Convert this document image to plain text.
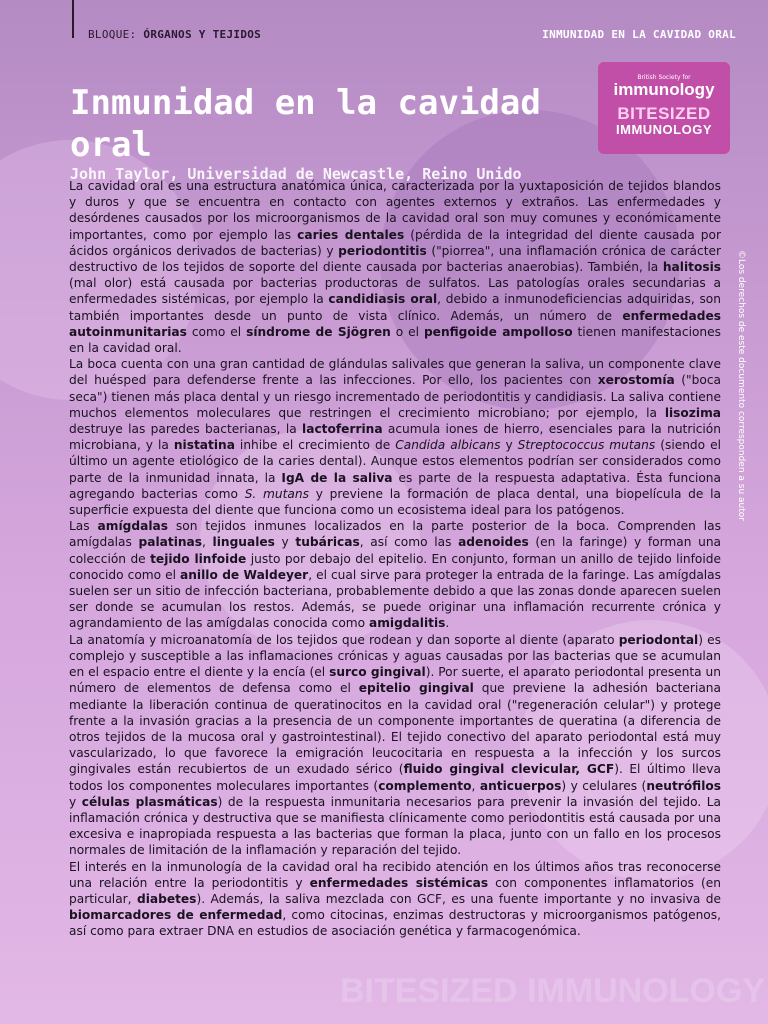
BLOQUE: ÓRGANOS Y TEJIDOS	INMUNIDAD EN LA CAVIDAD ORAL
British Society for
immunology
BITESIZED
IMMUNOLOGY
Inmunidad en la cavidad oral
John Taylor, Universidad de Newcastle, Reino Unido
©Los derechos de este documento corresponden a su autor

La cavidad oral es una estructura anatómica única, caracterizada por la yuxtaposición de tejidos blandos y duros y que se encuentra en contacto con agentes externos y extraños. Las enfermedades y desórdenes causados por los microorganismos de la cavidad oral son muy comunes y económicamente importantes, como por ejemplo las caries dentales (pérdida de la integridad del diente causada por ácidos orgánicos derivados de bacterias) y periodontitis ("piorrea", una inflamación crónica de carácter destructivo de los tejidos de soporte del diente causada por bacterias anaerobias). También, la halitosis (mal olor) está causada por bacterias productoras de sulfatos. Las patologías orales secundarias a enfermedades sistémicas, por ejemplo la candidiasis oral, debido a inmunodeficiencias adquiridas, son también importantes desde un punto de vista clínico. Además, un número de enfermedades autoinmunitarias como el síndrome de Sjögren o el penfigoide ampolloso tienen manifestaciones en la cavidad oral.

La boca cuenta con una gran cantidad de glándulas salivales que generan la saliva, un componente clave del huésped para defenderse frente a las infecciones. Por ello, los pacientes con xerostomía ("boca seca") tienen más placa dental y un riesgo incrementado de periodontitis y candidiasis. La saliva contiene muchos elementos moleculares que restringen el crecimiento microbiano; por ejemplo, la lisozima destruye las paredes bacterianas, la lactoferrina acumula iones de hierro, esenciales para la nutrición microbiana, y la nistatina inhibe el crecimiento de Candida albicans y Streptococcus mutans (siendo el último un agente etiológico de la caries dental). Aunque estos elementos podrían ser considerados como parte de la inmunidad innata, la IgA de la saliva es parte de la respuesta adaptativa. Ésta funciona agregando bacterias como S. mutans y previene la formación de placa dental, una biopelícula de la superficie expuesta del diente que funciona como un ecosistema ideal para los patógenos.

Las amígdalas son tejidos inmunes localizados en la parte posterior de la boca. Comprenden las amígdalas palatinas, linguales y tubáricas, así como las adenoides (en la faringe) y forman una colección de tejido linfoide justo por debajo del epitelio. En conjunto, forman un anillo de tejido linfoide conocido como el anillo de Waldeyer, el cual sirve para proteger la entrada de la faringe. Las amígdalas suelen ser un sitio de infección bacteriana, probablemente debido a que las zonas donde aparecen suelen ser donde se acumulan los restos. Además, se puede originar una inflamación recurrente crónica y agrandamiento de las amígdalas conocida como amigdalitis.

La anatomía y microanatomía de los tejidos que rodean y dan soporte al diente (aparato periodontal) es complejo y susceptible a las inflamaciones crónicas y aguas causadas por las bacterias que se acumulan en el espacio entre el diente y la encía (el surco gingival). Por suerte, el aparato periodontal presenta un número de elementos de defensa como el epitelio gingival que previene la adhesión bacteriana mediante la liberación continua de queratinocitos en la cavidad oral ("regeneración celular") y protege frente a la invasión gracias a la presencia de un componente importantes de queratina (a diferencia de otros tejidos de la mucosa oral y gastrointestinal). El tejido conectivo del aparato periodontal está muy vascularizado, lo que favorece la emigración leucocitaria en respuesta a la infección y los surcos gingivales están recubiertos de un exudado sérico (fluido gingival clevicular, GCF). El último lleva todos los componentes moleculares importantes (complemento, anticuerpos) y celulares (neutrófilos y células plasmáticas) de la respuesta inmunitaria necesarios para prevenir la invasión del tejido. La inflamación crónica y destructiva que se manifiesta clínicamente como periodontitis está causada por una excesiva e inapropiada respuesta a las bacterias que forman la placa, junto con un fallo en los procesos normales de limitación de la inflamación y reparación del tejido.

El interés en la inmunología de la cavidad oral ha recibido atención en los últimos años tras reconocerse una relación entre la periodontitis y enfermedades sistémicas con componentes inflamatorios (en particular, diabetes). Además, la saliva mezclada con GCF, es una fuente importante y no invasiva de biomarcadores de enfermedad, como citocinas, enzimas destructoras y microorganismos patógenos, así como para extraer DNA en estudios de asociación genética y farmacogenómica.

BITESIZED IMMUNOLOGY
